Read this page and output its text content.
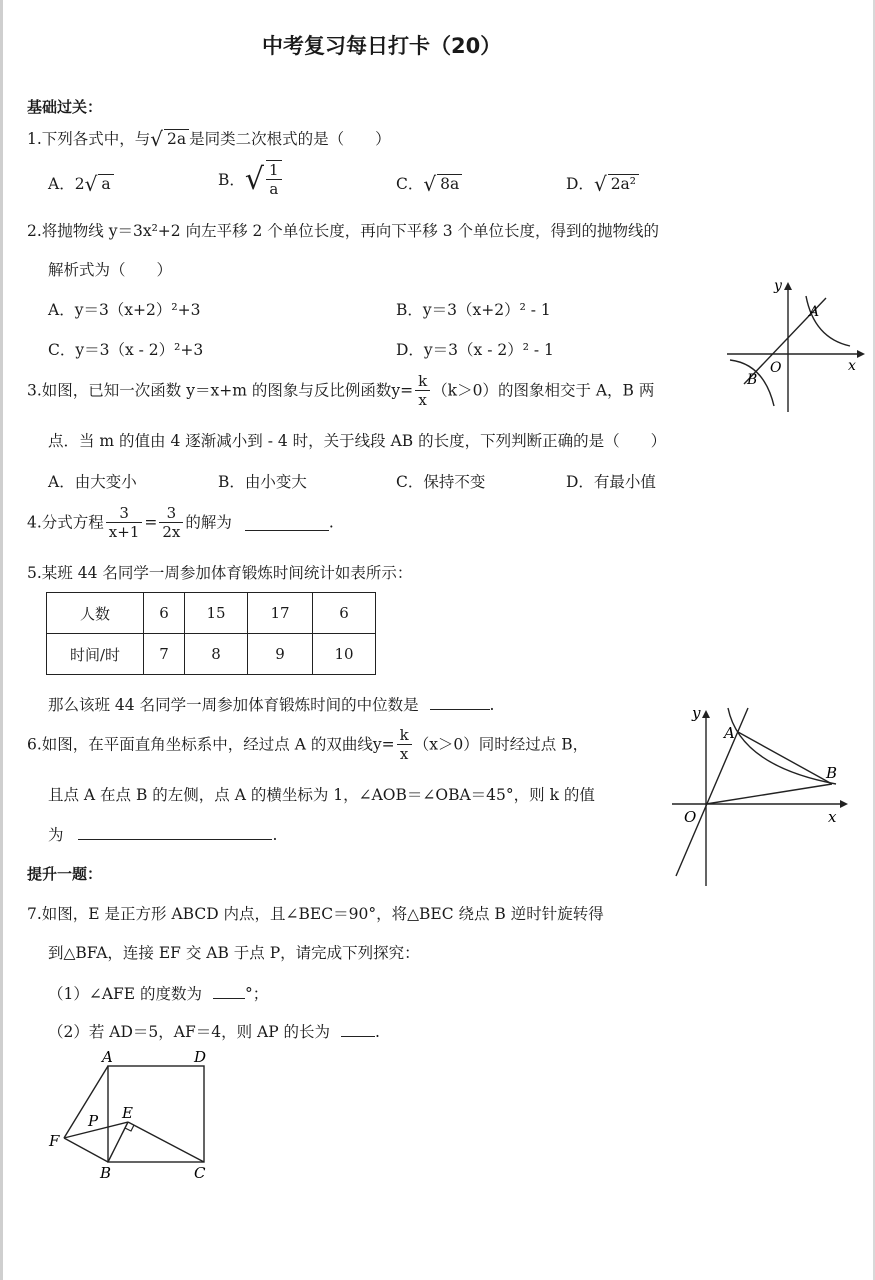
中考复习每日打卡（20）
基础过关：
1.下列各式中，与√ 2a 是同类二次根式的是（　　）
A．2√ a	B．√ $\frac{1}{a}$	C．√ 8a	D．√ 2a²
2.将抛物线 y＝3x²+2 向左平移 2 个单位长度，再向下平移 3 个单位长度，得到的抛物线的
解析式为（　　）
A．y＝3（x+2）²+3	B．y＝3（x+2）² - 1
C．y＝3（x - 2）²+3	D．y＝3（x - 2）² - 1
y
x
O
A
B
3.如图，已知一次函数 y＝x+m 的图象与反比例函数$y= \frac{k}{x} (k>0)$的图象相交于 A，B 两
点．当 m 的值由 4 逐渐减小到 - 4 时，关于线段 AB 的长度，下列判断正确的是（　　）
A．由大变小	B．由小变大	C．保持不变	D．有最小值
4.分式方程 $\frac{3}{x+1} = \frac{3}{2x}$ 的解为	.
5.某班 44 名同学一周参加体育锻炼时间统计如表所示：
人数	6	15	17	6
时间/时	7	8	9	10
那么该班 44 名同学一周参加体育锻炼时间的中位数是	.	y
x
O
A
B
6.如图，在平面直角坐标系中，经过点 A 的双曲线$y= \frac{k}{x} (x>0)$同时经过点 B，
且点 A 在点 B 的左侧，点 A 的横坐标为 1，∠AOB＝∠OBA＝45°，则 k 的值
为	.
提升一题：
7.如图，E 是正方形 ABCD 内点，且∠BEC＝90°，将△BEC 绕点 B 逆时针旋转得
到△BFA，连接 EF 交 AB 于点 P，请完成下列探究：
（1）∠AFE 的度数为	°；
（2）若 AD＝5，AF＝4，则 AP 的长为	.
A	D
P E
F
B	C
